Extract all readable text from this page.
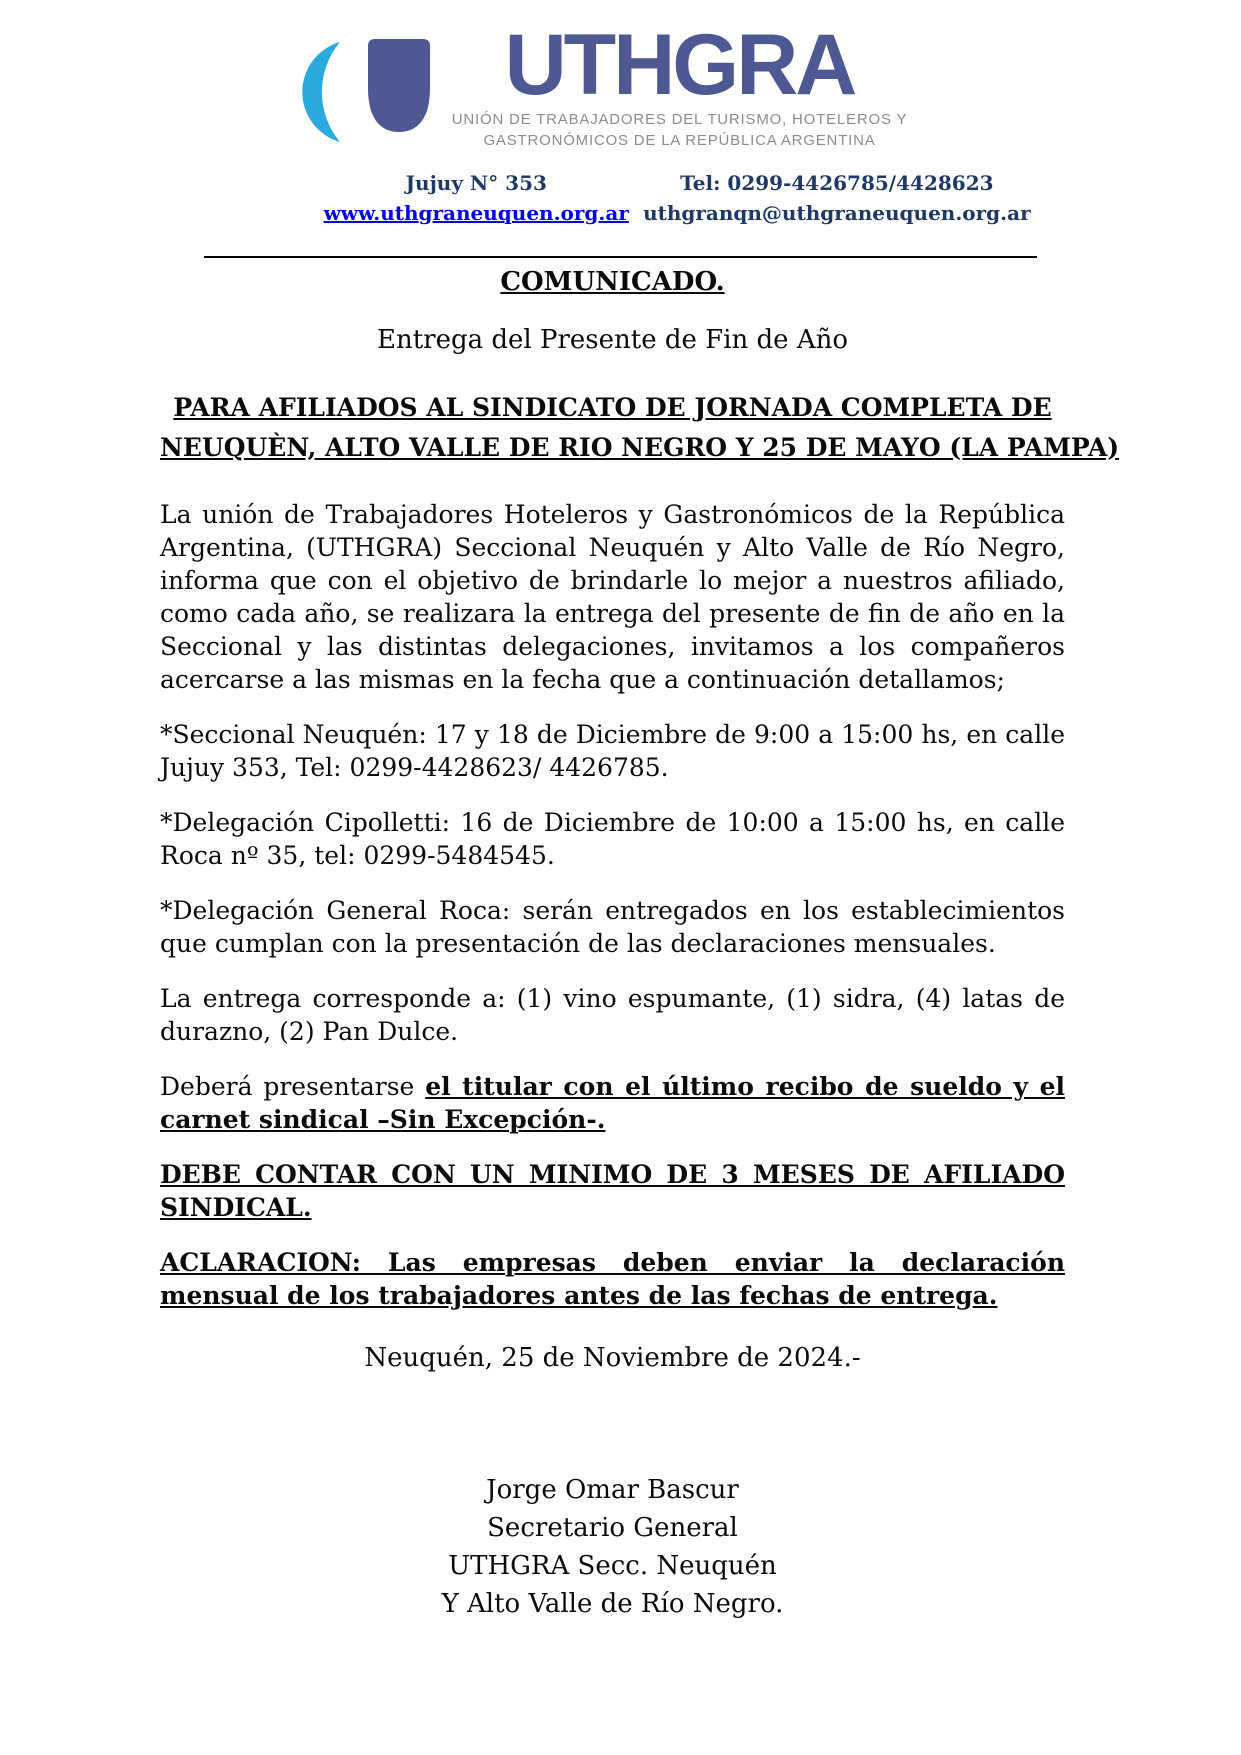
UTHGRA
UNIÓN DE TRABAJADORES DEL TURISMO, HOTELEROS Y
GASTRONÓMICOS DE LA REPÚBLICA ARGENTINA
Jujuy N° 353
www.uthgraneuquen.org.ar
Tel: 0299-4426785/4428623
uthgranqn@uthgraneuquen.org.ar
COMUNICADO.

Entrega del Presente de Fin de Año

PARA AFILIADOS AL SINDICATO DE JORNADA COMPLETA DE
NEUQUÈN, ALTO VALLE DE RIO NEGRO Y 25 DE MAYO (LA PAMPA)

La unión de Trabajadores Hoteleros y Gastronómicos de la República Argentina, (UTHGRA) Seccional Neuquén y Alto Valle de Río Negro, informa que con el objetivo de brindarle lo mejor a nuestros afiliado, como cada año, se realizara la entrega del presente de fin de año en la Seccional y las distintas delegaciones, invitamos a los compañeros acercarse a las mismas en la fecha que a continuación detallamos;

*Seccional Neuquén: 17 y 18 de Diciembre de 9:00 a 15:00 hs, en calle Jujuy 353, Tel: 0299-4428623/ 4426785.

*Delegación Cipolletti: 16 de Diciembre de 10:00 a 15:00 hs, en calle Roca nº 35, tel: 0299-5484545.

*Delegación General Roca: serán entregados en los establecimientos que cumplan con la presentación de las declaraciones mensuales.

La entrega corresponde a: (1) vino espumante, (1) sidra, (4) latas de durazno, (2) Pan Dulce.

Deberá presentarse el titular con el último recibo de sueldo y el carnet sindical –Sin Excepción-.

DEBE CONTAR CON UN MINIMO DE 3 MESES DE AFILIADO SINDICAL.

ACLARACION: Las empresas deben enviar la declaración mensual de los trabajadores antes de las fechas de entrega.

Neuquén, 25 de Noviembre de 2024.-

Jorge Omar Bascur
Secretario General
UTHGRA Secc. Neuquén
Y Alto Valle de Río Negro.
